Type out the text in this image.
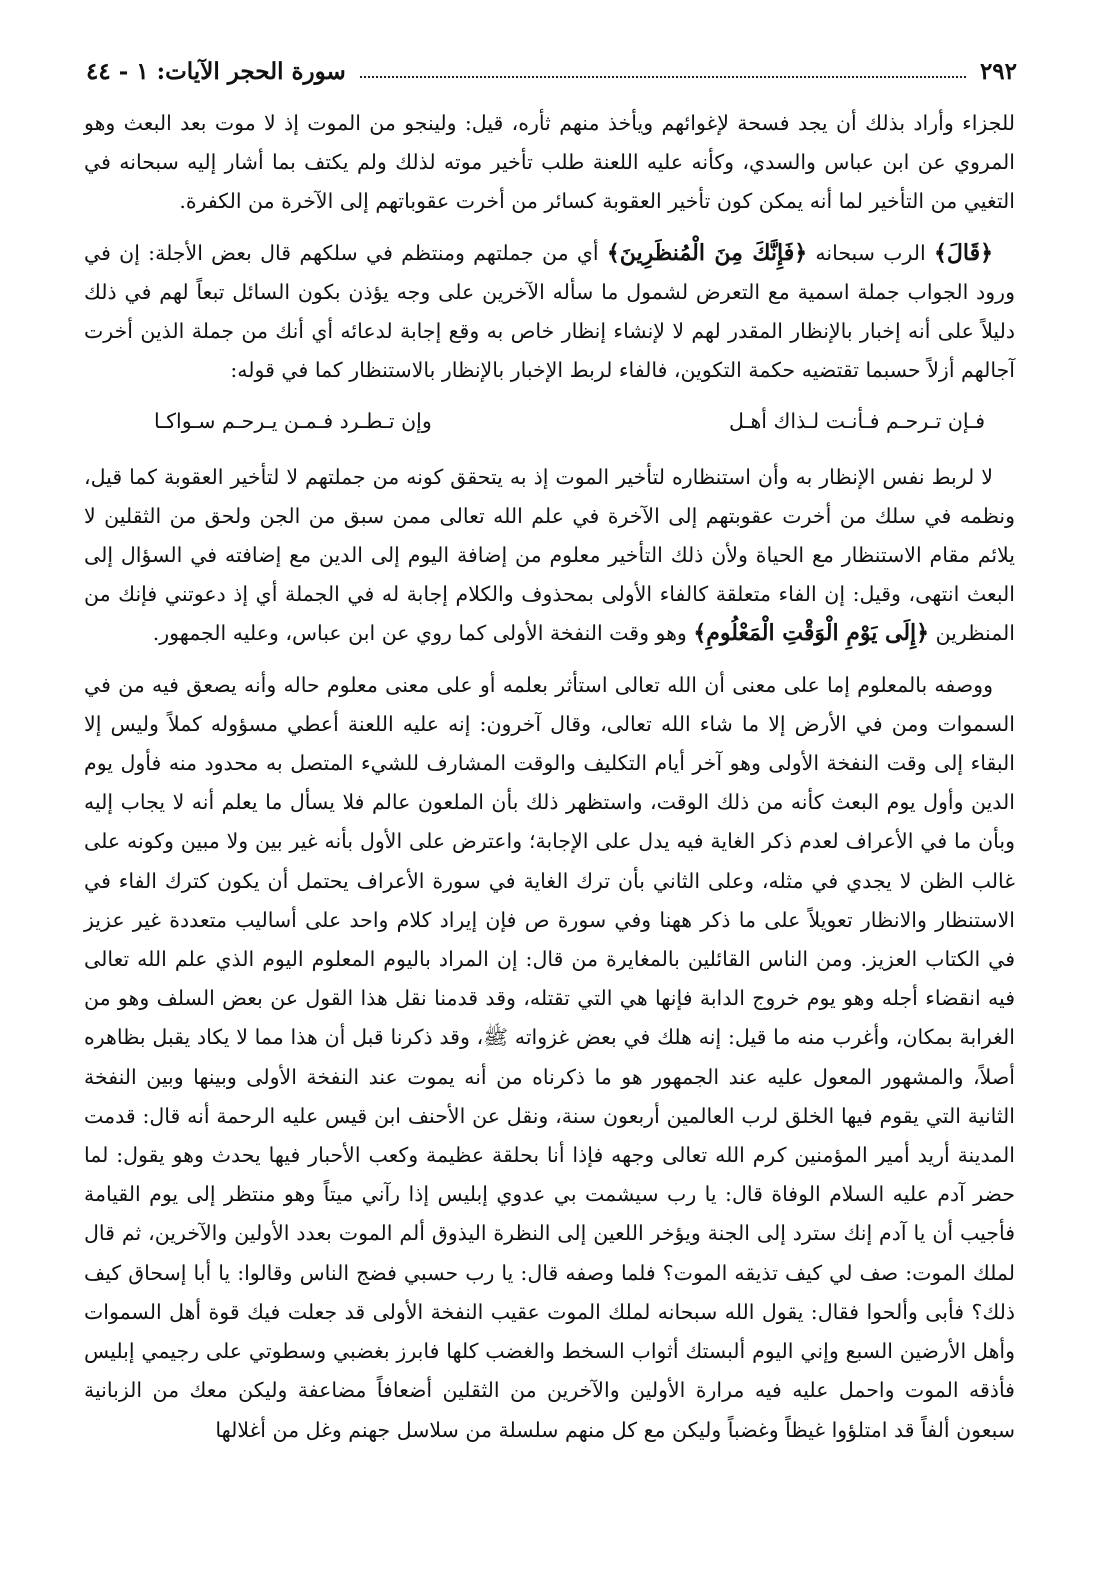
٢٩٢
سورة الحجر الآيات: ١ - ٤٤

للجزاء وأراد بذلك أن يجد فسحة لإغوائهم ويأخذ منهم ثأره، قيل: ولينجو من الموت إذ لا موت بعد البعث وهو المروي عن ابن عباس والسدي، وكأنه عليه اللعنة طلب تأخير موته لذلك ولم يكتف بما أشار إليه سبحانه في التغيي من التأخير لما أنه يمكن كون تأخير العقوبة كسائر من أخرت عقوباتهم إلى الآخرة من الكفرة.

﴿قَالَ﴾ الرب سبحانه ﴿فَإِنَّكَ مِنَ الْمُنظَرِينَ﴾ أي من جملتهم ومنتظم في سلكهم قال بعض الأجلة: إن في ورود الجواب جملة اسمية مع التعرض لشمول ما سأله الآخرين على وجه يؤذن بكون السائل تبعاً لهم في ذلك دليلاً على أنه إخبار بالإنظار المقدر لهم لا لإنشاء إنظار خاص به وقع إجابة لدعائه أي أنك من جملة الذين أخرت آجالهم أزلاً حسبما تقتضيه حكمة التكوين، فالفاء لربط الإخبار بالإنظار بالاستنظار كما في قوله:

فـإن تـرحـم فـأنـت لـذاك أهـل
وإن تـطـرد فـمـن يـرحـم سـواكـا

لا لربط نفس الإنظار به وأن استنظاره لتأخير الموت إذ به يتحقق كونه من جملتهم لا لتأخير العقوبة كما قيل، ونظمه في سلك من أخرت عقوبتهم إلى الآخرة في علم الله تعالى ممن سبق من الجن ولحق من الثقلين لا يلائم مقام الاستنظار مع الحياة ولأن ذلك التأخير معلوم من إضافة اليوم إلى الدين مع إضافته في السؤال إلى البعث انتهى، وقيل: إن الفاء متعلقة كالفاء الأولى بمحذوف والكلام إجابة له في الجملة أي إذ دعوتني فإنك من المنظرين ﴿إِلَى يَوْمِ الْوَقْتِ الْمَعْلُومِ﴾ وهو وقت النفخة الأولى كما روي عن ابن عباس، وعليه الجمهور.

ووصفه بالمعلوم إما على معنى أن الله تعالى استأثر بعلمه أو على معنى معلوم حاله وأنه يصعق فيه من في السموات ومن في الأرض إلا ما شاء الله تعالى، وقال آخرون: إنه عليه اللعنة أعطي مسؤوله كملاً وليس إلا البقاء إلى وقت النفخة الأولى وهو آخر أيام التكليف والوقت المشارف للشيء المتصل به محدود منه فأول يوم الدين وأول يوم البعث كأنه من ذلك الوقت، واستظهر ذلك بأن الملعون عالم فلا يسأل ما يعلم أنه لا يجاب إليه وبأن ما في الأعراف لعدم ذكر الغاية فيه يدل على الإجابة؛ واعترض على الأول بأنه غير بين ولا مبين وكونه على غالب الظن لا يجدي في مثله، وعلى الثاني بأن ترك الغاية في سورة الأعراف يحتمل أن يكون كترك الفاء في الاستنظار والانظار تعويلاً على ما ذكر ههنا وفي سورة ص فإن إيراد كلام واحد على أساليب متعددة غير عزيز في الكتاب العزيز. ومن الناس القائلين بالمغايرة من قال: إن المراد باليوم المعلوم اليوم الذي علم الله تعالى فيه انقضاء أجله وهو يوم خروج الدابة فإنها هي التي تقتله، وقد قدمنا نقل هذا القول عن بعض السلف وهو من الغرابة بمكان، وأغرب منه ما قيل: إنه هلك في بعض غزواته ﷺ، وقد ذكرنا قبل أن هذا مما لا يكاد يقبل بظاهره أصلاً، والمشهور المعول عليه عند الجمهور هو ما ذكرناه من أنه يموت عند النفخة الأولى وبينها وبين النفخة الثانية التي يقوم فيها الخلق لرب العالمين أربعون سنة، ونقل عن الأحنف ابن قيس عليه الرحمة أنه قال: قدمت المدينة أريد أمير المؤمنين كرم الله تعالى وجهه فإذا أنا بحلقة عظيمة وكعب الأحبار فيها يحدث وهو يقول: لما حضر آدم عليه السلام الوفاة قال: يا رب سيشمت بي عدوي إبليس إذا رآني ميتاً وهو منتظر إلى يوم القيامة فأجيب أن يا آدم إنك سترد إلى الجنة ويؤخر اللعين إلى النظرة اليذوق ألم الموت بعدد الأولين والآخرين، ثم قال لملك الموت: صف لي كيف تذيقه الموت؟ فلما وصفه قال: يا رب حسبي فضج الناس وقالوا: يا أبا إسحاق كيف ذلك؟ فأبى وألحوا فقال: يقول الله سبحانه لملك الموت عقيب النفخة الأولى قد جعلت فيك قوة أهل السموات وأهل الأرضين السبع وإني اليوم ألبستك أثواب السخط والغضب كلها فابرز بغضبي وسطوتي على رجيمي إبليس فأذقه الموت واحمل عليه فيه مرارة الأولين والآخرين من الثقلين أضعافاً مضاعفة وليكن معك من الزبانية سبعون ألفاً قد امتلؤوا غيظاً وغضباً وليكن مع كل منهم سلسلة من سلاسل جهنم وغل من أغلالها
